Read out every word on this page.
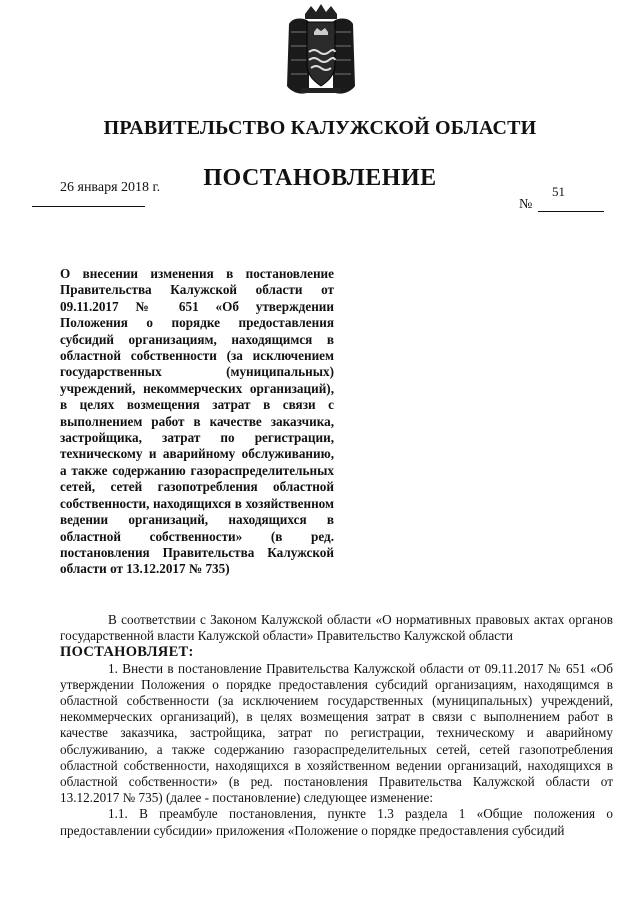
ПРАВИТЕЛЬСТВО КАЛУЖСКОЙ ОБЛАСТИ
ПОСТАНОВЛЕНИЕ
26 января 2018 г.	51
№

О внесении изменения в постановление Правительства Калужской области от 09.11.2017 № 651 «Об утверждении Положения о порядке предоставления субсидий организациям, находящимся в областной собственности (за исключением государственных (муниципальных) учреждений, некоммерческих организаций), в целях возмещения затрат в связи с выполнением работ в качестве заказчика, застройщика, затрат по регистрации, техническому и аварийному обслуживанию, а также содержанию газораспределительных сетей, сетей газопотребления областной собственности, находящихся в хозяйственном ведении организаций, находящихся в областной собственности» (в ред. постановления Правительства Калужской области от 13.12.2017 № 735)

В соответствии с Законом Калужской области «О нормативных правовых актах органов государственной власти Калужской области» Правительство Калужской области

ПОСТАНОВЛЯЕТ:

1. Внести в постановление Правительства Калужской области от 09.11.2017 № 651 «Об утверждении Положения о порядке предоставления субсидий организациям, находящимся в областной собственности (за исключением государственных (муниципальных) учреждений, некоммерческих организаций), в целях возмещения затрат в связи с выполнением работ в качестве заказчика, застройщика, затрат по регистрации, техническому и аварийному обслуживанию, а также содержанию газораспределительных сетей, сетей газопотребления областной собственности, находящихся в хозяйственном ведении организаций, находящихся в областной собственности» (в ред. постановления Правительства Калужской области от 13.12.2017 № 735) (далее - постановление) следующее изменение:

1.1. В преамбуле постановления, пункте 1.3 раздела 1 «Общие положения о предоставлении субсидии» приложения «Положение о порядке предоставления субсидий
